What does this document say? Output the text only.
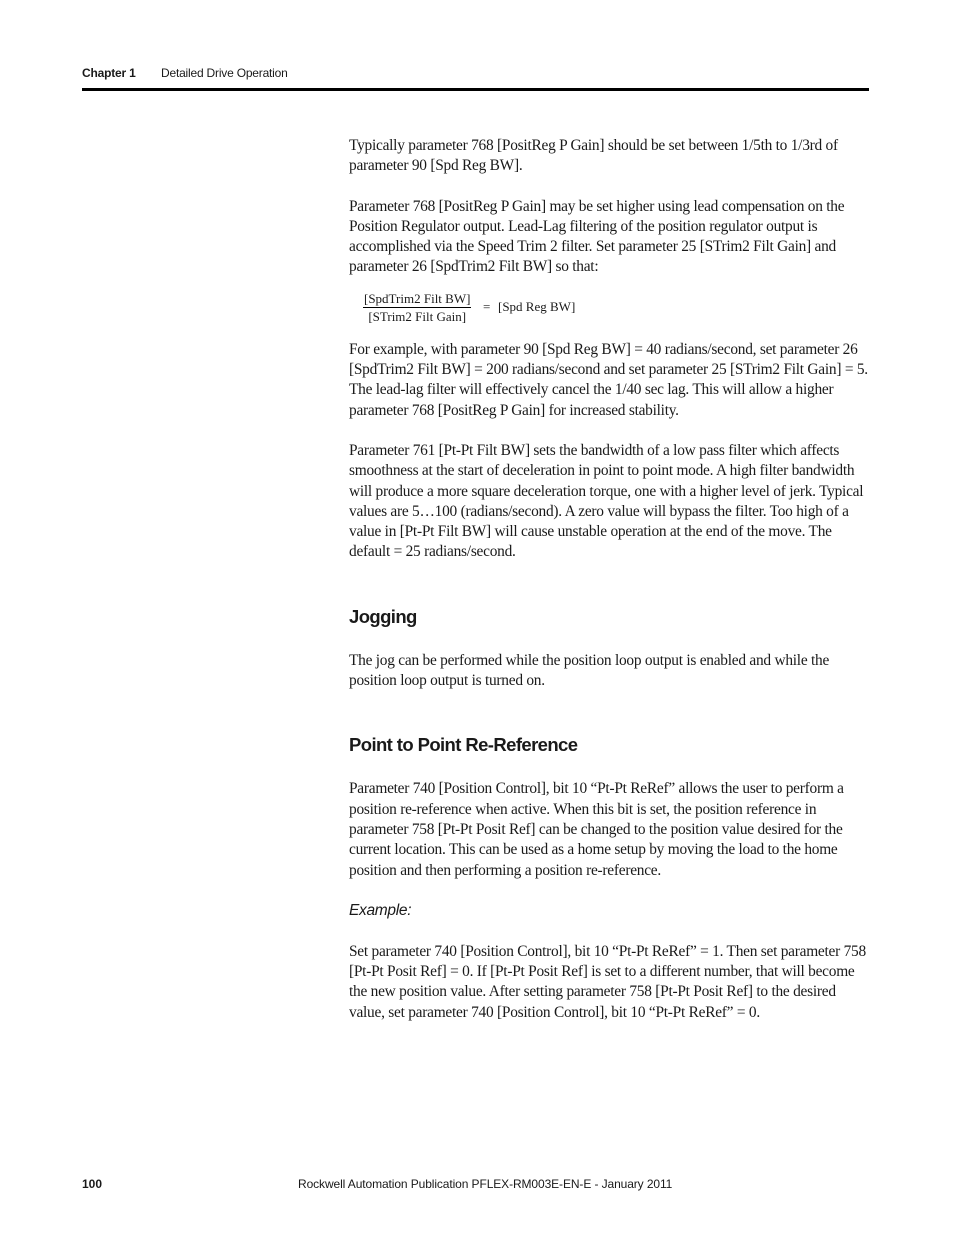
Chapter 1 Detailed Drive Operation

Typically parameter 768 [PositReg P Gain] should be set between 1/5th to 1/3rd of parameter 90 [Spd Reg BW].

Parameter 768 [PositReg P Gain] may be set higher using lead compensation on the Position Regulator output. Lead-Lag filtering of the position regulator output is accomplished via the Speed Trim 2 filter. Set parameter 25 [STrim2 Filt Gain] and parameter 26 [SpdTrim2 Filt BW] so that:

[SpdTrim2 Filt BW]
[STrim2 Filt Gain]
= [Spd Reg BW]

For example, with parameter 90 [Spd Reg BW] = 40 radians/second, set parameter 26 [SpdTrim2 Filt BW] = 200 radians/second and set parameter 25 [STrim2 Filt Gain] = 5. The lead-lag filter will effectively cancel the 1/40 sec lag. This will allow a higher parameter 768 [PositReg P Gain] for increased stability.

Parameter 761 [Pt-Pt Filt BW] sets the bandwidth of a low pass filter which affects smoothness at the start of deceleration in point to point mode. A high filter bandwidth will produce a more square deceleration torque, one with a higher level of jerk. Typical values are 5…100 (radians/second). A zero value will bypass the filter. Too high of a value in [Pt-Pt Filt BW] will cause unstable operation at the end of the move. The default = 25 radians/second.

Jogging

The jog can be performed while the position loop output is enabled and while the position loop output is turned on.

Point to Point Re-Reference

Parameter 740 [Position Control], bit 10 “Pt-Pt ReRef” allows the user to perform a position re-reference when active. When this bit is set, the position reference in parameter 758 [Pt-Pt Posit Ref] can be changed to the position value desired for the current location. This can be used as a home setup by moving the load to the home position and then performing a position re-reference.

Example:

Set parameter 740 [Position Control], bit 10 “Pt-Pt ReRef” = 1. Then set parameter 758 [Pt-Pt Posit Ref] = 0. If [Pt-Pt Posit Ref] is set to a different number, that will become the new position value. After setting parameter 758 [Pt-Pt Posit Ref] to the desired value, set parameter 740 [Position Control], bit 10 “Pt-Pt ReRef” = 0.

100	Rockwell Automation Publication PFLEX-RM003E-EN-E - January 2011
